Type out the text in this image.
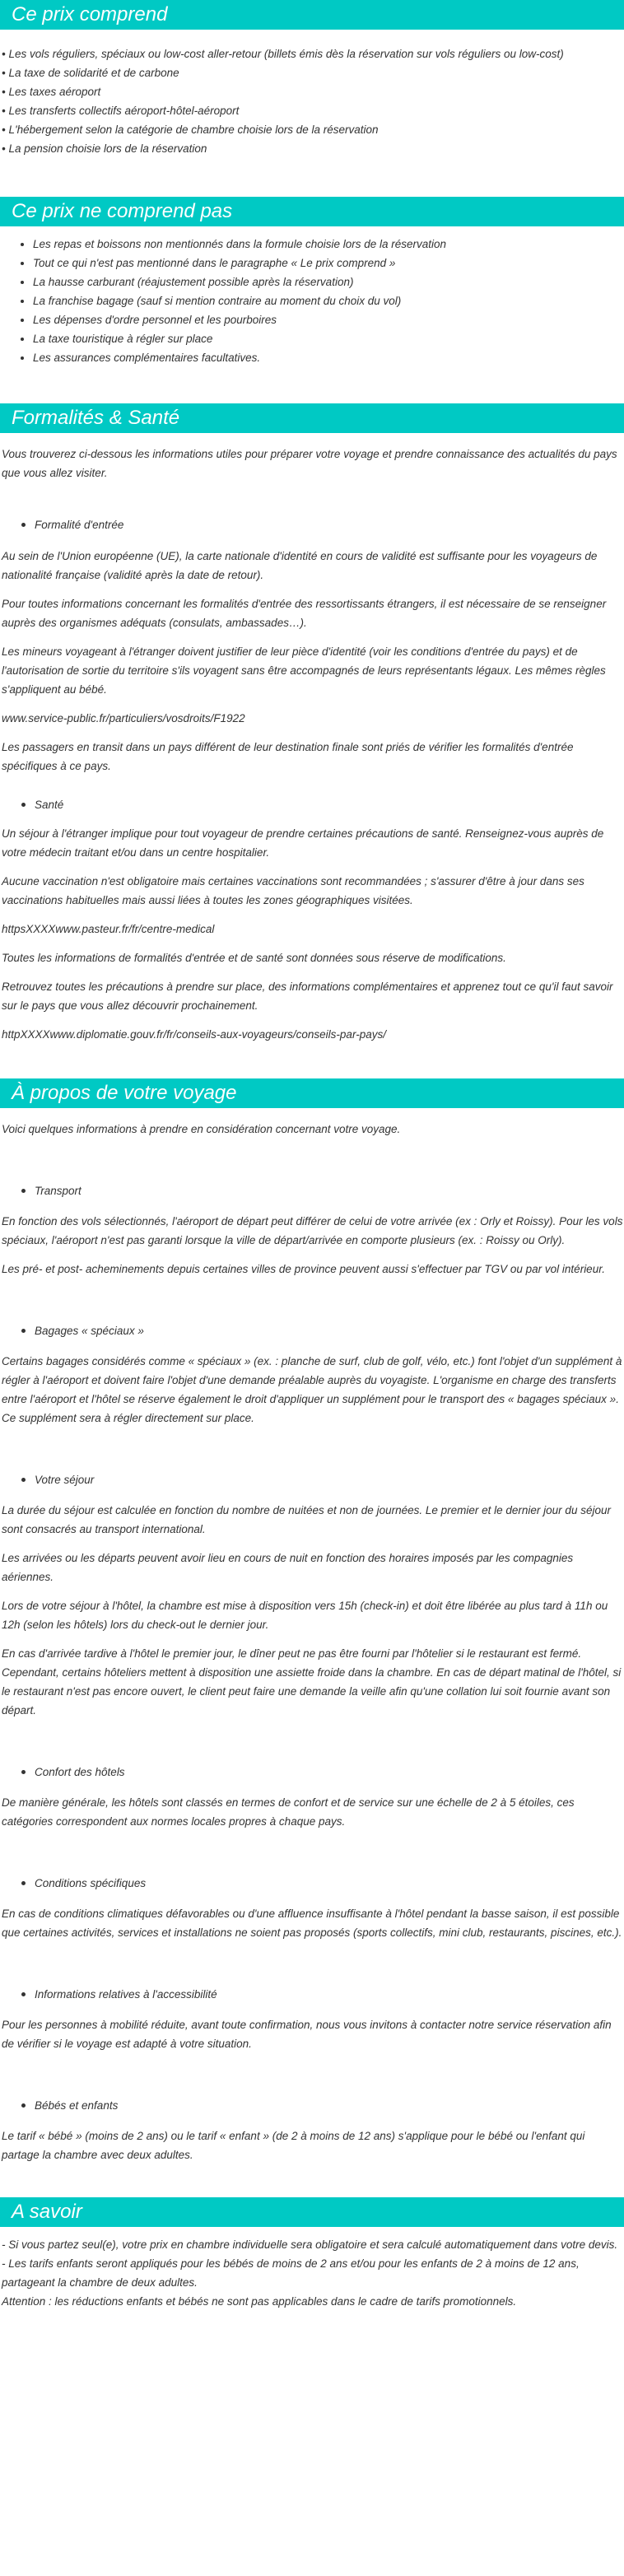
Ce prix comprend
• Les vols réguliers, spéciaux ou low-cost aller-retour (billets émis dès la réservation sur vols réguliers ou low-cost)
• La taxe de solidarité et de carbone
• Les taxes aéroport
• Les transferts collectifs aéroport-hôtel-aéroport
• L'hébergement selon la catégorie de chambre choisie lors de la réservation
• La pension choisie lors de la réservation
Ce prix ne comprend pas
• Les repas et boissons non mentionnés dans la formule choisie lors de la réservation
• Tout ce qui n'est pas mentionné dans le paragraphe « Le prix comprend »
• La hausse carburant (réajustement possible après la réservation)
• La franchise bagage (sauf si mention contraire au moment du choix du vol)
• Les dépenses d'ordre personnel et les pourboires
• La taxe touristique à régler sur place
• Les assurances complémentaires facultatives.
Formalités & Santé

Vous trouverez ci-dessous les informations utiles pour préparer votre voyage et prendre connaissance des actualités du pays que vous allez visiter.

Formalité d'entrée

Au sein de l'Union européenne (UE), la carte nationale d'identité en cours de validité est suffisante pour les voyageurs de nationalité française (validité après la date de retour).

Pour toutes informations concernant les formalités d'entrée des ressortissants étrangers, il est nécessaire de se renseigner auprès des organismes adéquats (consulats, ambassades…).

Les mineurs voyageant à l'étranger doivent justifier de leur pièce d'identité (voir les conditions d'entrée du pays) et de l'autorisation de sortie du territoire s'ils voyagent sans être accompagnés de leurs représentants légaux. Les mêmes règles s'appliquent au bébé.

www.service-public.fr/particuliers/vosdroits/F1922

Les passagers en transit dans un pays différent de leur destination finale sont priés de vérifier les formalités d'entrée spécifiques à ce pays.

Santé

Un séjour à l'étranger implique pour tout voyageur de prendre certaines précautions de santé. Renseignez-vous auprès de votre médecin traitant et/ou dans un centre hospitalier.

Aucune vaccination n'est obligatoire mais certaines vaccinations sont recommandées ; s'assurer d'être à jour dans ses vaccinations habituelles mais aussi liées à toutes les zones géographiques visitées.

httpsXXXXwww.pasteur.fr/fr/centre-medical

Toutes les informations de formalités d'entrée et de santé sont données sous réserve de modifications.

Retrouvez toutes les précautions à prendre sur place, des informations complémentaires et apprenez tout ce qu'il faut savoir sur le pays que vous allez découvrir prochainement.

httpXXXXwww.diplomatie.gouv.fr/fr/conseils-aux-voyageurs/conseils-par-pays/

À propos de votre voyage

Voici quelques informations à prendre en considération concernant votre voyage.

Transport

En fonction des vols sélectionnés, l'aéroport de départ peut différer de celui de votre arrivée (ex : Orly et Roissy). Pour les vols spéciaux, l'aéroport n'est pas garanti lorsque la ville de départ/arrivée en comporte plusieurs (ex. : Roissy ou Orly).

Les pré- et post- acheminements depuis certaines villes de province peuvent aussi s'effectuer par TGV ou par vol intérieur.

Bagages « spéciaux »

Certains bagages considérés comme « spéciaux » (ex. : planche de surf, club de golf, vélo, etc.) font l'objet d'un supplément à régler à l'aéroport et doivent faire l'objet d'une demande préalable auprès du voyagiste. L'organisme en charge des transferts entre l'aéroport et l'hôtel se réserve également le droit d'appliquer un supplément pour le transport des « bagages spéciaux ». Ce supplément sera à régler directement sur place.

Votre séjour

La durée du séjour est calculée en fonction du nombre de nuitées et non de journées. Le premier et le dernier jour du séjour sont consacrés au transport international.

Les arrivées ou les départs peuvent avoir lieu en cours de nuit en fonction des horaires imposés par les compagnies aériennes.

Lors de votre séjour à l'hôtel, la chambre est mise à disposition vers 15h (check-in) et doit être libérée au plus tard à 11h ou 12h (selon les hôtels) lors du check-out le dernier jour.

En cas d'arrivée tardive à l'hôtel le premier jour, le dîner peut ne pas être fourni par l'hôtelier si le restaurant est fermé. Cependant, certains hôteliers mettent à disposition une assiette froide dans la chambre. En cas de départ matinal de l'hôtel, si le restaurant n'est pas encore ouvert, le client peut faire une demande la veille afin qu'une collation lui soit fournie avant son départ.

Confort des hôtels

De manière générale, les hôtels sont classés en termes de confort et de service sur une échelle de 2 à 5 étoiles, ces catégories correspondent aux normes locales propres à chaque pays.

Conditions spécifiques

En cas de conditions climatiques défavorables ou d'une affluence insuffisante à l'hôtel pendant la basse saison, il est possible que certaines activités, services et installations ne soient pas proposés (sports collectifs, mini club, restaurants, piscines, etc.).

Informations relatives à l'accessibilité

Pour les personnes à mobilité réduite, avant toute confirmation, nous vous invitons à contacter notre service réservation afin de vérifier si le voyage est adapté à votre situation.

Bébés et enfants

Le tarif « bébé » (moins de 2 ans) ou le tarif « enfant » (de 2 à moins de 12 ans) s'applique pour le bébé ou l'enfant qui partage la chambre avec deux adultes.

A savoir
- Si vous partez seul(e), votre prix en chambre individuelle sera obligatoire et sera calculé automatiquement dans votre devis.
- Les tarifs enfants seront appliqués pour les bébés de moins de 2 ans et/ou pour les enfants de 2 à moins de 12 ans, partageant la chambre de deux adultes.
Attention : les réductions enfants et bébés ne sont pas applicables dans le cadre de tarifs promotionnels.
